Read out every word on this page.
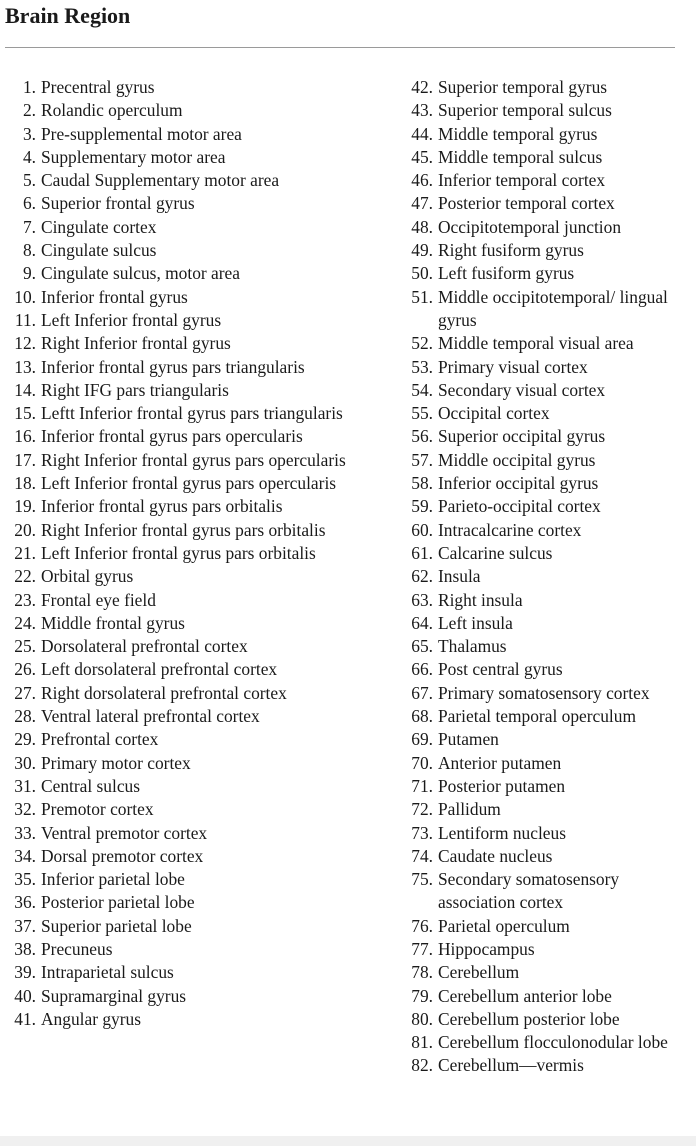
Brain Region
1. Precentral gyrus
2. Rolandic operculum
3. Pre-supplemental motor area
4. Supplementary motor area
5. Caudal Supplementary motor area
6. Superior frontal gyrus
7. Cingulate cortex
8. Cingulate sulcus
9. Cingulate sulcus, motor area
10. Inferior frontal gyrus
11. Left Inferior frontal gyrus
12. Right Inferior frontal gyrus
13. Inferior frontal gyrus pars triangularis
14. Right IFG pars triangularis
15. Leftt Inferior frontal gyrus pars triangularis
16. Inferior frontal gyrus pars opercularis
17. Right Inferior frontal gyrus pars opercularis
18. Left Inferior frontal gyrus pars opercularis
19. Inferior frontal gyrus pars orbitalis
20. Right Inferior frontal gyrus pars orbitalis
21. Left Inferior frontal gyrus pars orbitalis
22. Orbital gyrus
23. Frontal eye field
24. Middle frontal gyrus
25. Dorsolateral prefrontal cortex
26. Left dorsolateral prefrontal cortex
27. Right dorsolateral prefrontal cortex
28. Ventral lateral prefrontal cortex
29. Prefrontal cortex
30. Primary motor cortex
31. Central sulcus
32. Premotor cortex
33. Ventral premotor cortex
34. Dorsal premotor cortex
35. Inferior parietal lobe
36. Posterior parietal lobe
37. Superior parietal lobe
38. Precuneus
39. Intraparietal sulcus
40. Supramarginal gyrus
41. Angular gyrus
42. Superior temporal gyrus
43. Superior temporal sulcus
44. Middle temporal gyrus
45. Middle temporal sulcus
46. Inferior temporal cortex
47. Posterior temporal cortex
48. Occipitotemporal junction
49. Right fusiform gyrus
50. Left fusiform gyrus
51. Middle occipitotemporal/ lingual gyrus
52. Middle temporal visual area
53. Primary visual cortex
54. Secondary visual cortex
55. Occipital cortex
56. Superior occipital gyrus
57. Middle occipital gyrus
58. Inferior occipital gyrus
59. Parieto-occipital cortex
60. Intracalcarine cortex
61. Calcarine sulcus
62. Insula
63. Right insula
64. Left insula
65. Thalamus
66. Post central gyrus
67. Primary somatosensory cortex
68. Parietal temporal operculum
69. Putamen
70. Anterior putamen
71. Posterior putamen
72. Pallidum
73. Lentiform nucleus
74. Caudate nucleus
75. Secondary somatosensory association cortex
76. Parietal operculum
77. Hippocampus
78. Cerebellum
79. Cerebellum anterior lobe
80. Cerebellum posterior lobe
81. Cerebellum flocculonodular lobe
82. Cerebellum—vermis
